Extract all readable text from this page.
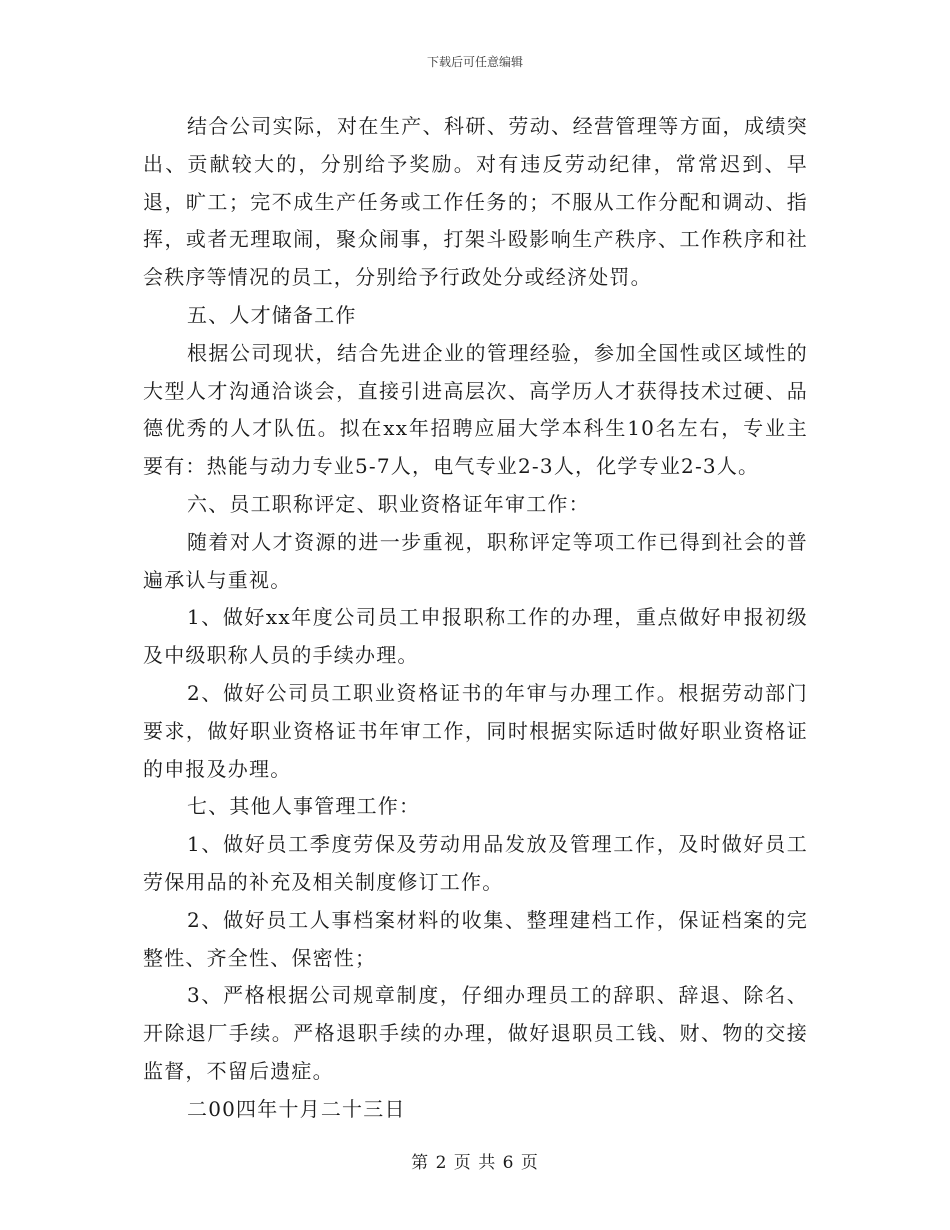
下载后可任意编辑

结合公司实际，对在生产、科研、劳动、经营管理等方面，成绩突出、贡献较大的，分别给予奖励。对有违反劳动纪律，常常迟到、早退，旷工；完不成生产任务或工作任务的；不服从工作分配和调动、指挥，或者无理取闹，聚众闹事，打架斗殴影响生产秩序、工作秩序和社会秩序等情况的员工，分别给予行政处分或经济处罚。

五、人才储备工作

根据公司现状，结合先进企业的管理经验，参加全国性或区域性的大型人才沟通洽谈会，直接引进高层次、高学历人才获得技术过硬、品德优秀的人才队伍。拟在xx年招聘应届大学本科生10名左右，专业主要有：热能与动力专业5-7人，电气专业2-3人，化学专业2-3人。

六、员工职称评定、职业资格证年审工作：

随着对人才资源的进一步重视，职称评定等项工作已得到社会的普遍承认与重视。

1、做好xx年度公司员工申报职称工作的办理，重点做好申报初级及中级职称人员的手续办理。

2、做好公司员工职业资格证书的年审与办理工作。根据劳动部门要求，做好职业资格证书年审工作，同时根据实际适时做好职业资格证的申报及办理。

七、其他人事管理工作：

1、做好员工季度劳保及劳动用品发放及管理工作，及时做好员工劳保用品的补充及相关制度修订工作。

2、做好员工人事档案材料的收集、整理建档工作，保证档案的完整性、齐全性、保密性；

3、严格根据公司规章制度，仔细办理员工的辞职、辞退、除名、开除退厂手续。严格退职手续的办理，做好退职员工钱、财、物的交接监督，不留后遗症。

二00四年十月二十三日

第 2 页 共 6 页
